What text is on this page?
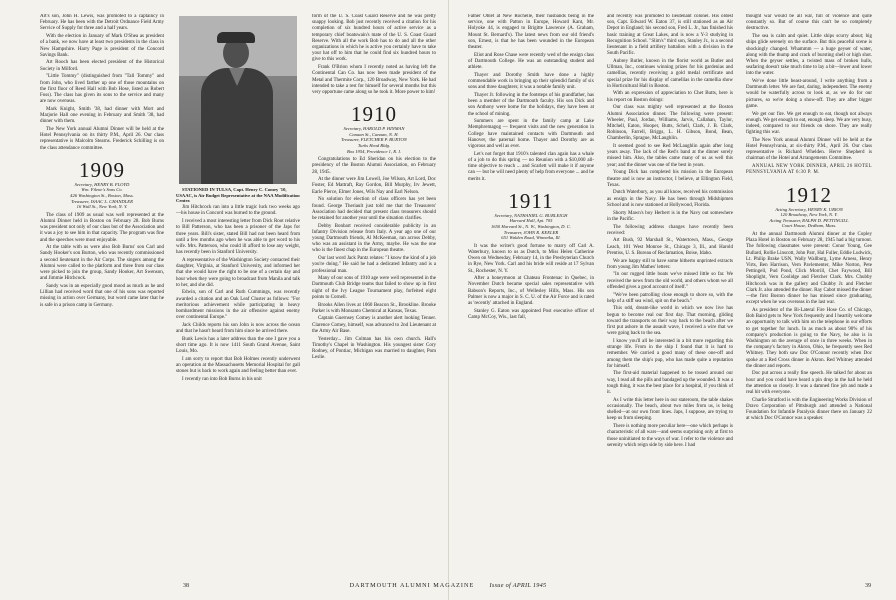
Art's son, John H. Lewis, was promoted to a captaincy in February. He has been with the Detroit Ordnance Field Army Service of Supply for three and a half years.

With the election in January of Mark O'Shea as president of a bank, we now have at least two presidents in the class in New Hampshire. Harry Page is president of the Concord Savings Bank.

Art Rooch has been elected president of the Historical Society in Milford.

"Little Tommy" (distinguished from "Tall Tommy" and from John, who lived farther up one of those mountains on the first floor of Reed Hall with Bob Hose, listed as Robert Foss). The class has given its sons to the service and many are now overseas.

Mark Knight, Smith '38, had dinner with Mort and Marjorie Hall one evening in February and Smith '38, had dinner with them.

The New York annual Alumni Dinner will be held at the Hotel Pennsylvania on its thirty P.M., April 26. Our class representative is Malcolm Stearns. Frederick Schilling is on the class attendance committee.

1909
Secretary, HENRY B. FLOYD
Wm. Filene's Sons Co.
426 Washington St., Boston, Mass.
Treasurer, ISAAC L. CHANDLER
16 Wall St., New York, N. Y.

The class of 1909 as usual was well represented at the Alumni Dinner held in Boston on February 28. Bob Burns was president not only of our class but of the Association and it was a joy to see him in that capacity. The program was fine and the speeches were most enjoyable.

At the table with us were also Bob Burns' son Carl and Sandy Hooker's son Burton, who was recently commissioned a second lieutenant in the Air Corps. The singers among the Alumni were called to the platform and three from our class were picked to join the group, Sandy Hooker, Art Swenson, and Jimmie Hitchcock.

Sandy was in an especially good mood as much as he and Lillian had received word that one of his sons was reported missing in action over Germany, but word came later that he is safe in a prison camp in Germany.

STATIONED IN TULSA, Capt. Henry C. Comey '10, USAAC, is Air Budget Representative at the NAA Modification Center.

Jim Hitchcock ran into a little tragic luck two weeks ago—his house in Concord was burned to the ground.

I received a most interesting letter from Dick Root relative to Bill Patterson, who has been a prisoner of the Japs for three years. Bill's sister, stated Bill had not been heard from until a few months ago when he was able to get word to his wife. Mrs. Patterson, who could ill afford to lose any weight, has recently been in Stanford University.

A representative of the Washington Society contacted their daughter, Virginia, at Stanford University, and informed her that she would have the right to be one of a certain day and hour when they were going to broadcast from Manila and talk to her, and she did.

Edwin, son of Carl and Ruth Cummings, was recently awarded a citation and an Oak Leaf Cluster as follows: "For meritorious achievement while participating in heavy bombardment missions in the air offensive against enemy over continental Europe."

Jack Childs reports his son John is now across the ocean and that he hasn't heard from him since he arrived there.

Bunk Lewis has a later address than the one I gave you a short time ago. It is now 1411 South Grand Avenue, Saint Louis, Mo.

I am sorry to report that Bob Holmes recently underwent an operation at the Massachusetts Memorial Hospital for gall stones but is back to work again and feeling better than ever.

I recently ran into Bob Burns in his unit

form of the U. S. Coast Guard Reserve and he was pretty snappy looking. Bob just recently received a citation for his completion of six hundred hours of active service as a temporary chief boatswain's mate of the U. S. Coast Guard Reserve. With all the work Bob has to do and all the other organizations in which he is active you certainly have to take your hat off to him that he could find six hundred hours to give to this work.

Frank O'Brion whom I recently noted as having left the Continental Can Co. has now been made president of the Metal and Thermite Corp., 120 Broadway, New York. He had intended to take a rest for himself for several months but this very opportune came along so he took it. More power to him!

1910
Secretary, HAROLD P. HINMAN
Canaan St., Canaan, N. H.
Treasurer, FLETCHER P. BURTON
Turks Head Bldg.
Box 1954, Providence 1, R. I.

Congratulations to Ed Sheridan on his election to the presidency of the Boston Alumni Association, on February 28, 1945.

At the dinner were Jim Lowell, Joe Wilson, Art Lord, Doc Foster, Ed Mattraft, Ray Gordon, Bill Murphy, Irv Jewett, Earle Pierce, Elmer Jones, Wils Nay and Earl Nelson.

No solution for election of class officers has yet been found. George Theriault just told me that the Treasurers' Association had decided that present class treasurers should be retained for another year until the situation clarifies.

Debby Bonbart received considerable publicity in an Infantry Division release from Italy. A year ago one of our young Dartmouth friends, Al McKeeman, ran across Debby, who was an assistant in the Army, maybe. He was the one who is the finest chap in the European theatre.

Our last word Jack Pantz relates: "I know the kind of a job you're doing." He said he had a dedicated Infantry and is a professional man.

Many of our sons of 1910 age were well represented in the Dartmouth Club Bridge teams that failed to show up in first night of the Ivy League Tournament play, forfeited eight points to Cornell.

Brooks Allen lives at 1060 Beacon St., Brookline. Brooke Parker is with Monsanto Chemical at Kansas, Texas.

Captain Guernsey Comey is another alert looking Tenner. Clarence Comey, himself, was advanced to 2nd Lieutenant at the Army Air Base.

Yesterday... Jim Colman has his own church. Hall's Timothy's Chapel in Washington. His youngest sister Cory Rodney, of Pontiac, Michigan was married to daughter, Pom Leslie.

Father Oblet at New Rochelle, their husbands being in the service, one with Patton in Europe, Howard Kant, Mr. Holyoke 44, is engaged to Brigitte Lawrence (A. Graham, Mount St. Bernard's). The latest news from our old friend's son, Ernest, is that he has been wounded in the European theater.

Eliot and Rose Chase were recently wed of the ensign class of Dartmouth College. He was an outstanding student and athlete.

Thayer and Dorothy Smith have done a highly commendable work in bringing up their splendid family of six sons and three daughters; it was a notable family unit.

Thayer Jr. following in the footsteps of his grandfather, has been a member of the Dartmouth faculty. His son Dick and son Anthony were home for the holidays, they have been at the school of mining.

Summers are spent in the family camp at Lake Memphremagog — frequent visits and the new generation in College have maintained contacts with Dartmouth and Hanover, the paternal home. Thayer and Dorothy are as vigorous and well as ever.

Let's not forget that 1910's talented clan again has a whale of a job to do this spring — no Reunion with a $10,000 all-time objective to reach ... and Scarlett will make it if anyone can — but he will need plenty of help from everyone ... and he merits it.

1911
Secretary, NATHANIEL G. BURLEIGH
Harvard Hall, Apt. 705
1650 Harvard St., N. W., Washington, D. C.
Treasurer, JOHN R. KEELER
651 Walden Road, Winnetka, Ill.

It was the writer's good fortune to marry off Carl A. Waterbury, known to us as Dutch, to Miss Helen Catherine Owen on Wednesday, February 14, in the Presbyterian Church in Rye, New York. Carl and his bride will reside at 17 Sylvan St., Rochester, N. Y.

After a honeymoon at Chateau Frontenac in Quebec, in November Dutch became special sales representative with Babson's Reports, Inc., of Wellesley Hills, Mass. His son Palmer is now a major in S. C. U. of the Air Force and is rated as 'recently' attached in England.

Stanley G. Eaton was appointed Post executive officer of Camp McCoy, Wis., last fall,

and recently was promoted to lieutenant colonel. His oldest son, Capt. Edward W. Eaton 37, is still stationed as an Air Depot in England; his second son, Fred L. Jr., has finished his basic training at Great Lakes, and is now a Y-3 studying in Recognition School. "Slim's" third son, Stanley Jr., is a second lieutenant in a field artillery battalion with a division in the South Pacific.

Aubrey Butler, known in the florist world as Butler and Ullman, Inc., continues winning prizes for his gardenias and camellias, recently receiving a gold medal certificate and special prize for his display of camellias in the camellia show in Horticultural Hall in Boston.

With an expression of appreciation to Chet Butts, here is his report on Boston doings:

Our class was mighty well represented at the Boston Alumni Association dinner. The following were present: Wheeler, Paul, Jordan, Williams, Jarvis, Callahan, Taylor, Mitchell, Eaton, Hooper, Butts, Schell, Clark, J. B. Clark, Robinson, Farrell, Briggs, L. H. Gibson, Bond, Bean, Chamberlin, Sprague, McLaughlin.

It seemed good to see Red McLaughlin again after long years away. The lack of the Red's band at the dinner sorely missed him. Also, the tables came many of us as well this year; and the dinner was one of the best in years.

Young Dick has completed his mission in the European theatre and is now an instructor, I believe, at Ellington Field, Texas.

Dutch Waterbury, as you all know, received his commission as ensign in the Navy. He has been through Midshipmen School and is now stationed at Hollywood, Florida.

Shorty Mawn's boy Herbert is in the Navy out somewhere in the Pacific.

The following address changes have recently been received:

Art Bush, 92 Marshall St., Watertown, Mass., George Leach, 101 West Monroe St., Chicago 3, Ill., and Harold Prentiss, U. S. Bureau of Reclamation, Boise, Idaho.

We are happy still to have some hitherto unprinted extracts from young Jim Mathes' letters:

"In our rugged little boats we've missed little so far. We received the news from the old world, and others whom we all offended gives a good account of itself."

"We've been patrolling close enough to shore so, with the help of a stiff sea wind, spit on the beach."

This odd, dream-like world in which we now live has begun to become real our first day. That morning, gliding toward the transports on their way back to the beach after we first put ashore in the assault wave, I received a wire that we were going back to the sea.

I know you'll all be interested in a bit more regarding this strange life. From in the ship I found that it is hard to remember. We carried a good many of these one-off and among them the ship's pup, who has made quite a reputation for himself.

The first-aid material happened to be tossed around our way, I read all the pills and bandaged up the wounded. It was a tough thing, it was the best place for a hospital, if you think of it.

As I write this letter here in our stateroom, the table shakes occasionally. The beach, about two miles from us, is being shelled—at our own front lines. Japs, I suppose, are trying to keep us from sleeping.

There is nothing more peculiar here—one which perhaps is characteristic of all wars—and seems surprising only at first to those uninitiated to the ways of war. I refer to the violence and serenity which reign side by side here. I had

thought war would be all war, full of violence and quite constantly so. But of course this can't be so completely destructive.

The sea is calm and quiet. Little ships scurry about; big ships glide serenely on the surface. But this peaceful scene is shockingly changed. Whammm — a huge geyser of water, along with the thump and crack of bursting shell or high shot. When the geyser settles, a twisted mass of broken hulls, seafaring doesn't take much time to lay a bit—lower and lower into the water.

We've done little beast-around, I write anything from a Dartmouth letter. We are fast, daring, independent. The enemy would be waterfully across to look at, as we do for our pictures, so we're doing a show-off. They are after bigger game.

We get our fire. We get enough to eat, though not always enough. We get enough to eat, enough sleep. We are very busy, indeed, compared to our friends on shore. They are really fighting this war.

The New York annual Alumni Dinner will be held at the Hotel Pennsylvania, at six-thirty P.M., April 26. Our class representative is Richard Whelden. Herve Shepherd is chairman of the Hotel and Arrangements Committee.

ANNUAL NEW YORK DINNER, APRIL 26 HOTEL PENNSYLVANIA AT 6:30 P. M.

1912
Acting Secretary, HENRY K. URION
120 Broadway, New York, N. Y.
Acting Treasurer, RALPH D. PETTINGILL
Court House, Dedham, Mass.

At the annual Dartmouth Alumni dinner at the Copley Plaza Hotel in Boston on February 28, 1945 had a big turnout. The following classmates were present: Conor Young, Gee Bullard, Rollie Linscott, John Parr, Hal Fuller, Eddie Ludwick, Lt. Philip Brake USN, Wally Wallburg, Lyme Arness, Henry Virts, Ben Harrison, Vern Pavlementer, Mike Norton, Pete Pettingell, Pud Pond, Click Morrill, Chet Faywood, Bill Shoplight, Vern Coolidge and Fletcher Clark. Mrs. Chubby Hitchcock was in the gallery and Chubby Jr. and Fletcher Clark Jr. also attended the dinner. Ray Cabot missed the dinner—the first Boston dinner he has missed since graduating, except when he was overseas in the last war.

As president of the Bi-Lateral Fire Hose Co. of Chicago, Bob Baird gets to New York frequently and I heartily welcome an opportunity to talk with him on the telephone in our efforts to get together for lunch. In as much as about 90% of his company's production is going to the Navy, he also is in Washington on the average of once in three weeks. When in the company's factory in Akron, Ohio, he frequently sees Red Whitney. They both saw Doc O'Connor recently when Doc spoke at a Red Cross dinner in Akron. Red Whitney attended the dinner and reports.

Doc put across a really fine speech. He talked for about an hour and you could have heard a pin drop in the hall he held the attention so closely. It was a damned fine job and made a real hit with everyone.

Charlie Stratford is with the Engineering Works Division of Dravo Corporation of Pittsburgh and attended a National Foundation for Infantile Paralysis dinner there on January 22 at which Doc O'Connor was a speaker.

38	DARTMOUTH ALUMNI MAGAZINE Issue of APRIL 1945	39
